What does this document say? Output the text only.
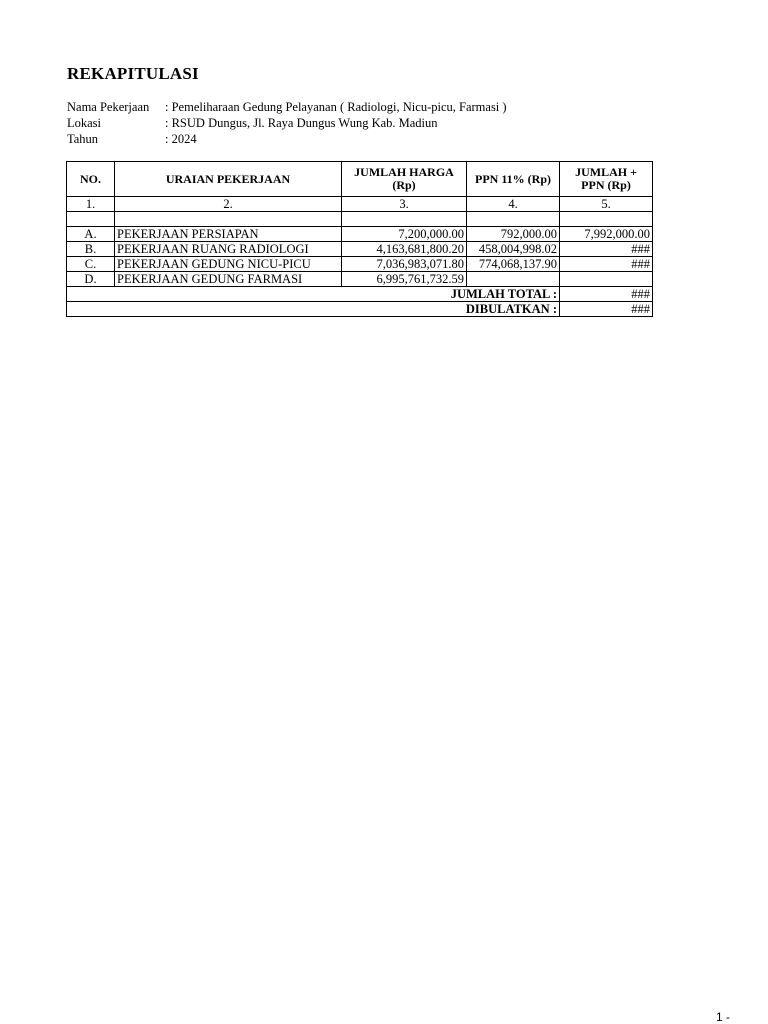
REKAPITULASI
Nama Pekerjaan	: Pemeliharaan Gedung Pelayanan ( Radiologi, Nicu-picu, Farmasi )
Lokasi	: RSUD Dungus, Jl. Raya Dungus Wung Kab. Madiun
Tahun	: 2024
NO.	URAIAN PEKERJAAN	JUMLAH HARGA (Rp)	PPN 11% (Rp)	JUMLAH + PPN (Rp)
1.	2.	3.	4.	5.

A.	PEKERJAAN PERSIAPAN	7,200,000.00	792,000.00	7,992,000.00
B.	PEKERJAAN RUANG RADIOLOGI	4,163,681,800.20	458,004,998.02	###
C.	PEKERJAAN GEDUNG NICU-PICU	7,036,983,071.80	774,068,137.90	###
D.	PEKERJAAN GEDUNG FARMASI	6,995,761,732.59		
JUMLAH TOTAL :				###
DIBULATKAN :				###
1 -
